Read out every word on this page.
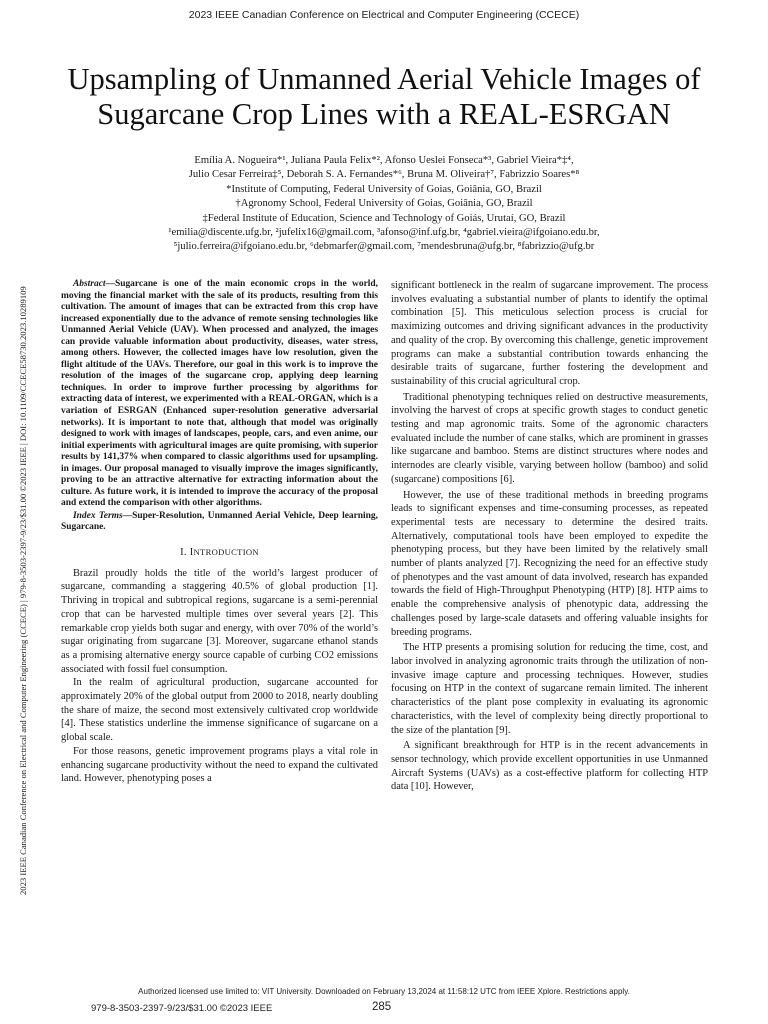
2023 IEEE Canadian Conference on Electrical and Computer Engineering (CCECE)
Upsampling of Unmanned Aerial Vehicle Images of
Sugarcane Crop Lines with a REAL-ESRGAN
2023 IEEE Canadian Conference on Electrical and Computer Engineering (CCECE) | 979-8-3503-2397-9/23/$31.00 ©2023 IEEE | DOI: 10.1109/CCECE58730.2023.10289109
Emília A. Nogueira*¹, Juliana Paula Felix*², Afonso Ueslei Fonseca*³, Gabriel Vieira*‡⁴,
Julio Cesar Ferreira‡⁵, Deborah S. A. Fernandes*⁶, Bruna M. Oliveira†⁷, Fabrizzio Soares*⁸
*Institute of Computing, Federal University of Goias, Goiânia, GO, Brazil
†Agronomy School, Federal University of Goias, Goiânia, GO, Brazil
‡Federal Institute of Education, Science and Technology of Goiás, Urutaí, GO, Brazil
¹emilia@discente.ufg.br, ²jufelix16@gmail.com, ³afonso@inf.ufg.br, ⁴gabriel.vieira@ifgoiano.edu.br,
⁵julio.ferreira@ifgoiano.edu.br, ⁶debmarfer@gmail.com, ⁷mendesbruna@ufg.br, ⁸fabrizzio@ufg.br

Abstract—Sugarcane is one of the main economic crops in the world, moving the financial market with the sale of its products, resulting from this cultivation. The amount of images that can be extracted from this crop have increased exponentially due to the advance of remote sensing technologies like Unmanned Aerial Vehicle (UAV). When processed and analyzed, the images can provide valuable information about productivity, diseases, water stress, among others. However, the collected images have low resolution, given the flight altitude of the UAVs. Therefore, our goal in this work is to improve the resolution of the images of the sugarcane crop, applying deep learning techniques. In order to improve further processing by algorithms for extracting data of interest, we experimented with a REAL-ORGAN, which is a variation of ESRGAN (Enhanced super-resolution generative adversarial networks). It is important to note that, although that model was originally designed to work with images of landscapes, people, cars, and even anime, our initial experiments with agricultural images are quite promising, with superior results by 141,37% when compared to classic algorithms used for upsampling. in images. Our proposal managed to visually improve the images significantly, proving to be an attractive alternative for extracting information about the culture. As future work, it is intended to improve the accuracy of the proposal and extend the comparison with other algorithms.

Index Terms—Super-Resolution, Unmanned Aerial Vehicle, Deep learning, Sugarcane.

I. INTRODUCTION

Brazil proudly holds the title of the world’s largest producer of sugarcane, commanding a staggering 40.5% of global production [1]. Thriving in tropical and subtropical regions, sugarcane is a semi-perennial crop that can be harvested multiple times over several years [2]. This remarkable crop yields both sugar and energy, with over 70% of the world’s sugar originating from sugarcane [3]. Moreover, sugarcane ethanol stands as a promising alternative energy source capable of curbing CO2 emissions associated with fossil fuel consumption.

In the realm of agricultural production, sugarcane accounted for approximately 20% of the global output from 2000 to 2018, nearly doubling the share of maize, the second most extensively cultivated crop worldwide [4]. These statistics underline the immense significance of sugarcane on a global scale.

For those reasons, genetic improvement programs plays a vital role in enhancing sugarcane productivity without the need to expand the cultivated land. However, phenotyping poses a

significant bottleneck in the realm of sugarcane improvement. The process involves evaluating a substantial number of plants to identify the optimal combination [5]. This meticulous selection process is crucial for maximizing outcomes and driving significant advances in the productivity and quality of the crop. By overcoming this challenge, genetic improvement programs can make a substantial contribution towards enhancing the desirable traits of sugarcane, further fostering the development and sustainability of this crucial agricultural crop.

Traditional phenotyping techniques relied on destructive measurements, involving the harvest of crops at specific growth stages to conduct genetic testing and map agronomic traits. Some of the agronomic characters evaluated include the number of cane stalks, which are prominent in grasses like sugarcane and bamboo. Stems are distinct structures where nodes and internodes are clearly visible, varying between hollow (bamboo) and solid (sugarcane) compositions [6].

However, the use of these traditional methods in breeding programs leads to significant expenses and time-consuming processes, as repeated experimental tests are necessary to determine the desired traits. Alternatively, computational tools have been employed to expedite the phenotyping process, but they have been limited by the relatively small number of plants analyzed [7]. Recognizing the need for an effective study of phenotypes and the vast amount of data involved, research has expanded towards the field of High-Throughput Phenotyping (HTP) [8]. HTP aims to enable the comprehensive analysis of phenotypic data, addressing the challenges posed by large-scale datasets and offering valuable insights for breeding programs.

The HTP presents a promising solution for reducing the time, cost, and labor involved in analyzing agronomic traits through the utilization of non-invasive image capture and processing techniques. However, studies focusing on HTP in the context of sugarcane remain limited. The inherent characteristics of the plant pose complexity in evaluating its agronomic characteristics, with the level of complexity being directly proportional to the size of the plantation [9].

A significant breakthrough for HTP is in the recent advancements in sensor technology, which provide excellent opportunities in use Unmanned Aircraft Systems (UAVs) as a cost-effective platform for collecting HTP data [10]. However,

Authorized licensed use limited to: VIT University. Downloaded on February 13,2024 at 11:58:12 UTC from IEEE Xplore. Restrictions apply.
979-8-3503-2397-9/23/$31.00 ©2023 IEEE	285
